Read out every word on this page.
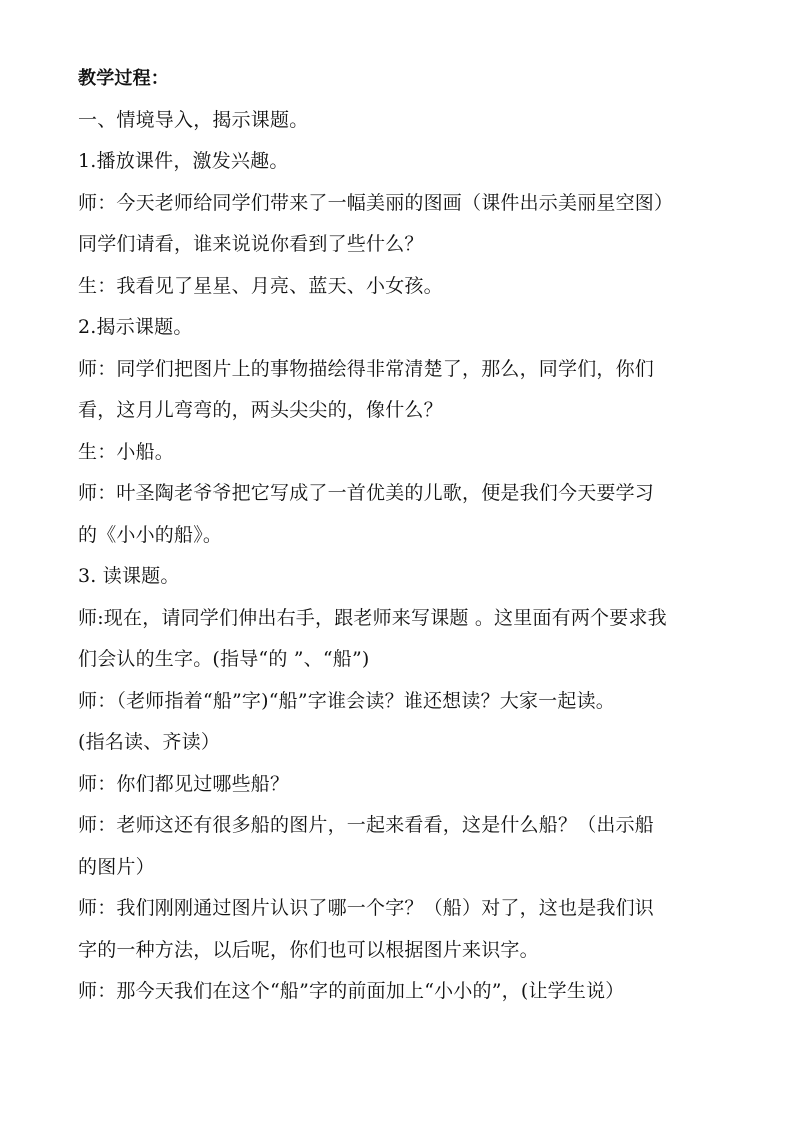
教学过程：
一、情境导入，揭示课题。
1.播放课件，激发兴趣。
师：今天老师给同学们带来了一幅美丽的图画（课件出示美丽星空图）
同学们请看，谁来说说你看到了些什么？
生：我看见了星星、月亮、蓝天、小女孩。
2.揭示课题。
师：同学们把图片上的事物描绘得非常清楚了，那么，同学们，你们
看，这月儿弯弯的，两头尖尖的，像什么？
生：小船。
师：叶圣陶老爷爷把它写成了一首优美的儿歌，便是我们今天要学习
的《小小的船》。
3. 读课题。
师:现在，请同学们伸出右手，跟老师来写课题 。这里面有两个要求我
们会认的生字。(指导“的 ”、“船”)
师：（老师指着“船”字)“船”字谁会读？谁还想读？大家一起读。
(指名读、齐读）
师：你们都见过哪些船？
师：老师这还有很多船的图片，一起来看看，这是什么船？（出示船
的图片）
师：我们刚刚通过图片认识了哪一个字？（船）对了，这也是我们识
字的一种方法，以后呢，你们也可以根据图片来识字。
师：那今天我们在这个“船”字的前面加上“小小的”，(让学生说）
